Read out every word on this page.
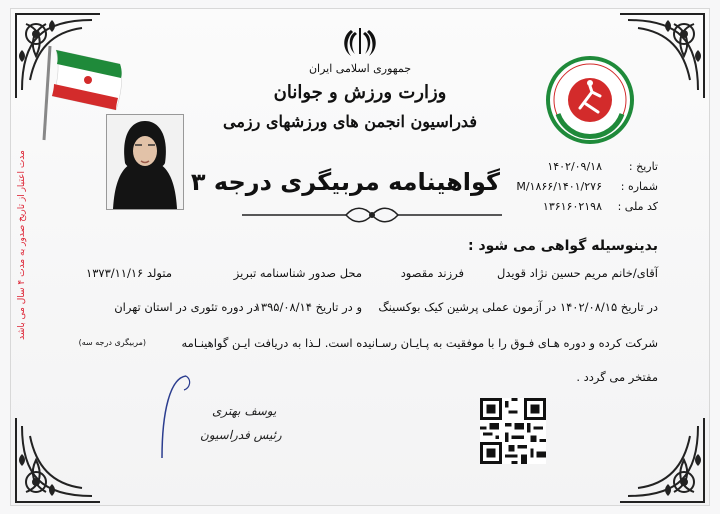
جمهوری اسلامی ایران
وزارت ورزش و جوانان
فدراسیون انجمن های ورزشهای رزمی
تاریخ :۱۴۰۲/۰۹/۱۸
شماره :۱۴۰۱/۲۷۶/M/۱۸۶۶
کد ملی :۱۳۶۱۶۰۲۱۹۸
گواهینامه مربیگری درجه ۳
بدینوسیله گواهی می شود :
آقای/خانم مریم حسین نژاد قویدل
فرزند مقصود
محل صدور شناسنامه تبریز
متولد ۱۳۷۳/۱۱/۱۶
در تاریخ ۱۴۰۲/۰۸/۱۵ در آزمون عملی پرشین کیک بوکسینگ
و در تاریخ ۱۳۹۵/۰۸/۱۴
در دوره تئوری در استان تهران
شرکت کرده و دوره هـای فـوق را با موفقیت به پـایـان رسـانیده است. لـذا به دریافت ایـن گواهینـامه
(مربیگری درجه سه)
مفتخر می گردد .
مدت اعتبار از تاریخ صدور به مدت ۴ سال می باشد
یوسف بهتری
رئیس فدراسیون
